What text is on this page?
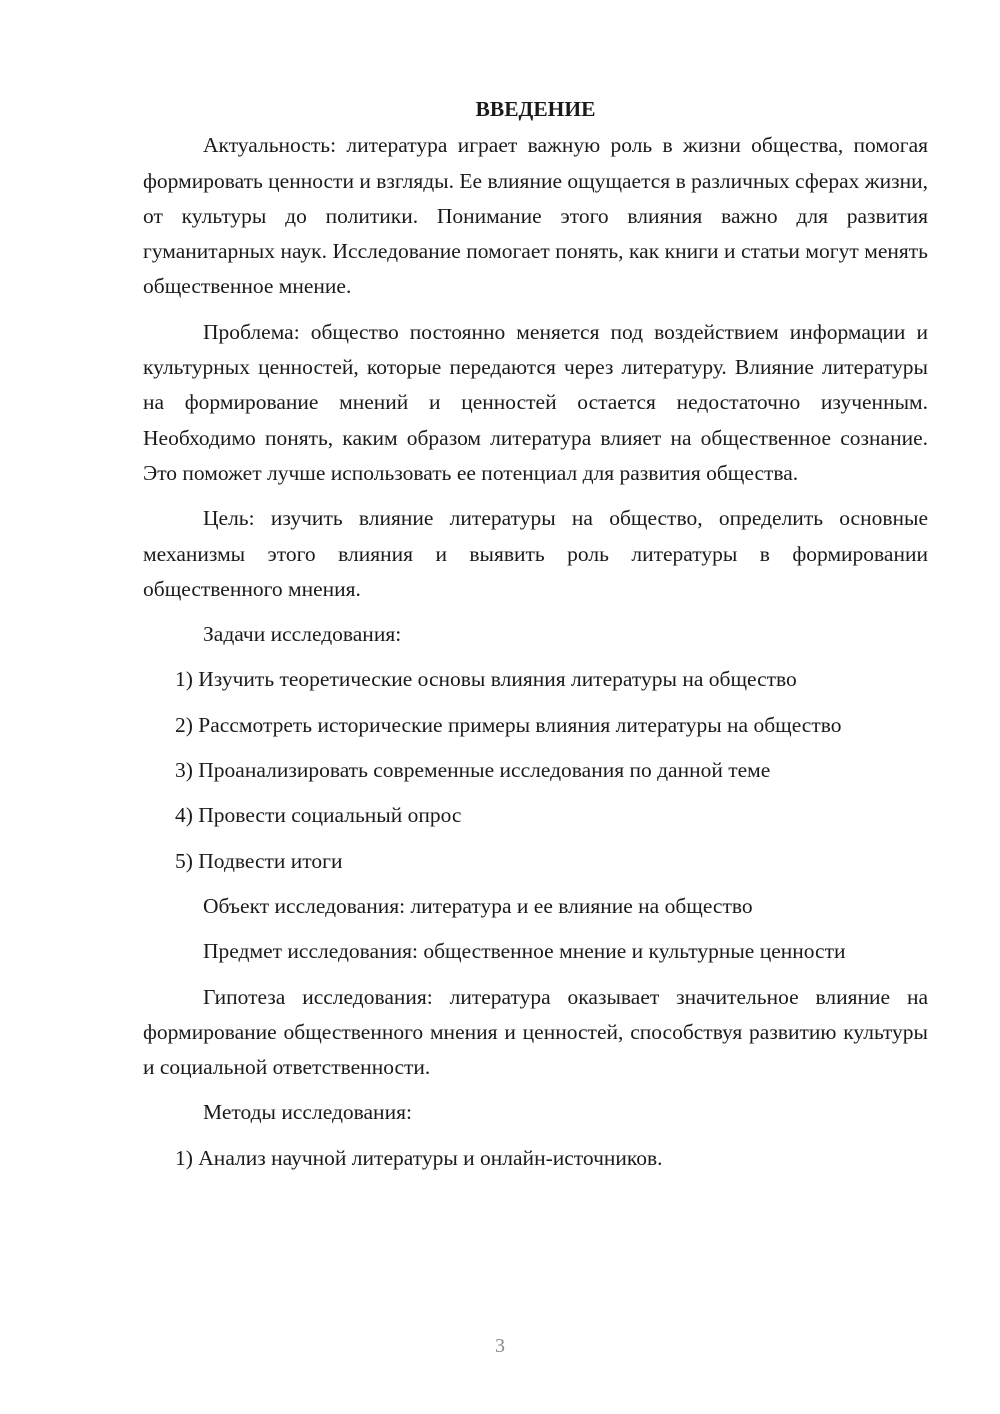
ВВЕДЕНИЕ

Актуальность: литература играет важную роль в жизни общества, помогая формировать ценности и взгляды. Ее влияние ощущается в различных сферах жизни, от культуры до политики. Понимание этого влияния важно для развития гуманитарных наук. Исследование помогает понять, как книги и статьи могут менять общественное мнение.

Проблема: общество постоянно меняется под воздействием информации и культурных ценностей, которые передаются через литературу. Влияние литературы на формирование мнений и ценностей остается недостаточно изученным. Необходимо понять, каким образом литература влияет на общественное сознание. Это поможет лучше использовать ее потенциал для развития общества.

Цель: изучить влияние литературы на общество, определить основные механизмы этого влияния и выявить роль литературы в формировании общественного мнения.

Задачи исследования:

1) Изучить теоретические основы влияния литературы на общество

2) Рассмотреть исторические примеры влияния литературы на общество

3) Проанализировать современные исследования по данной теме

4) Провести социальный опрос

5) Подвести итоги

Объект исследования: литература и ее влияние на общество

Предмет исследования: общественное мнение и культурные ценности

Гипотеза исследования: литература оказывает значительное влияние на формирование общественного мнения и ценностей, способствуя развитию культуры и социальной ответственности.

Методы исследования:

1) Анализ научной литературы и онлайн-источников.

3
